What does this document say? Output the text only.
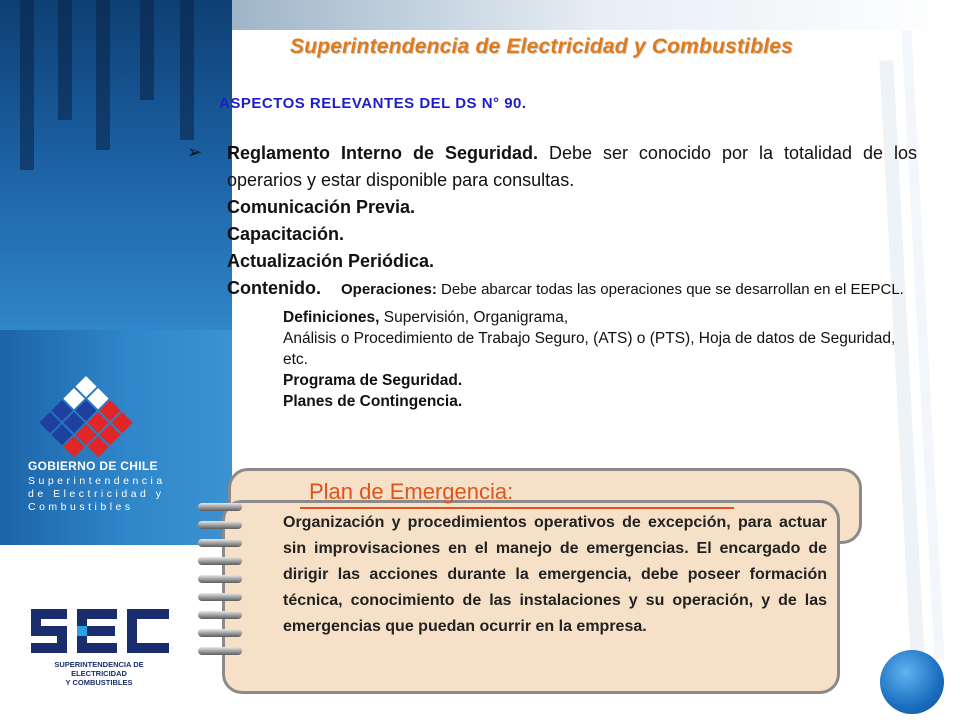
Superintendencia de Electricidad y Combustibles
ASPECTOS RELEVANTES DEL DS N° 90.
➢	Reglamento Interno de Seguridad. Debe ser conocido por la totalidad de los operarios y estar disponible para consultas.
Comunicación Previa.
Capacitación.
Actualización Periódica.
Contenido. Operaciones: Debe abarcar todas las operaciones que se desarrollan en el EEPCL.
Definiciones, Supervisión, Organigrama,
Análisis o Procedimiento de Trabajo Seguro, (ATS) o (PTS), Hoja de datos de Seguridad, etc.
Programa de Seguridad.
Planes de Contingencia.
Plan de Emergencia:
Organización y procedimientos operativos de excepción, para actuar sin improvisaciones en el manejo de emergencias. El encargado de dirigir las acciones durante la emergencia, debe poseer formación técnica, conocimiento de las instalaciones y su operación, y de las emergencias que puedan ocurrir en la empresa.
GOBIERNO DE CHILE
Superintendencia
de Electricidad y
Combustibles
SUPERINTENDENCIA DE ELECTRICIDAD
Y COMBUSTIBLES
